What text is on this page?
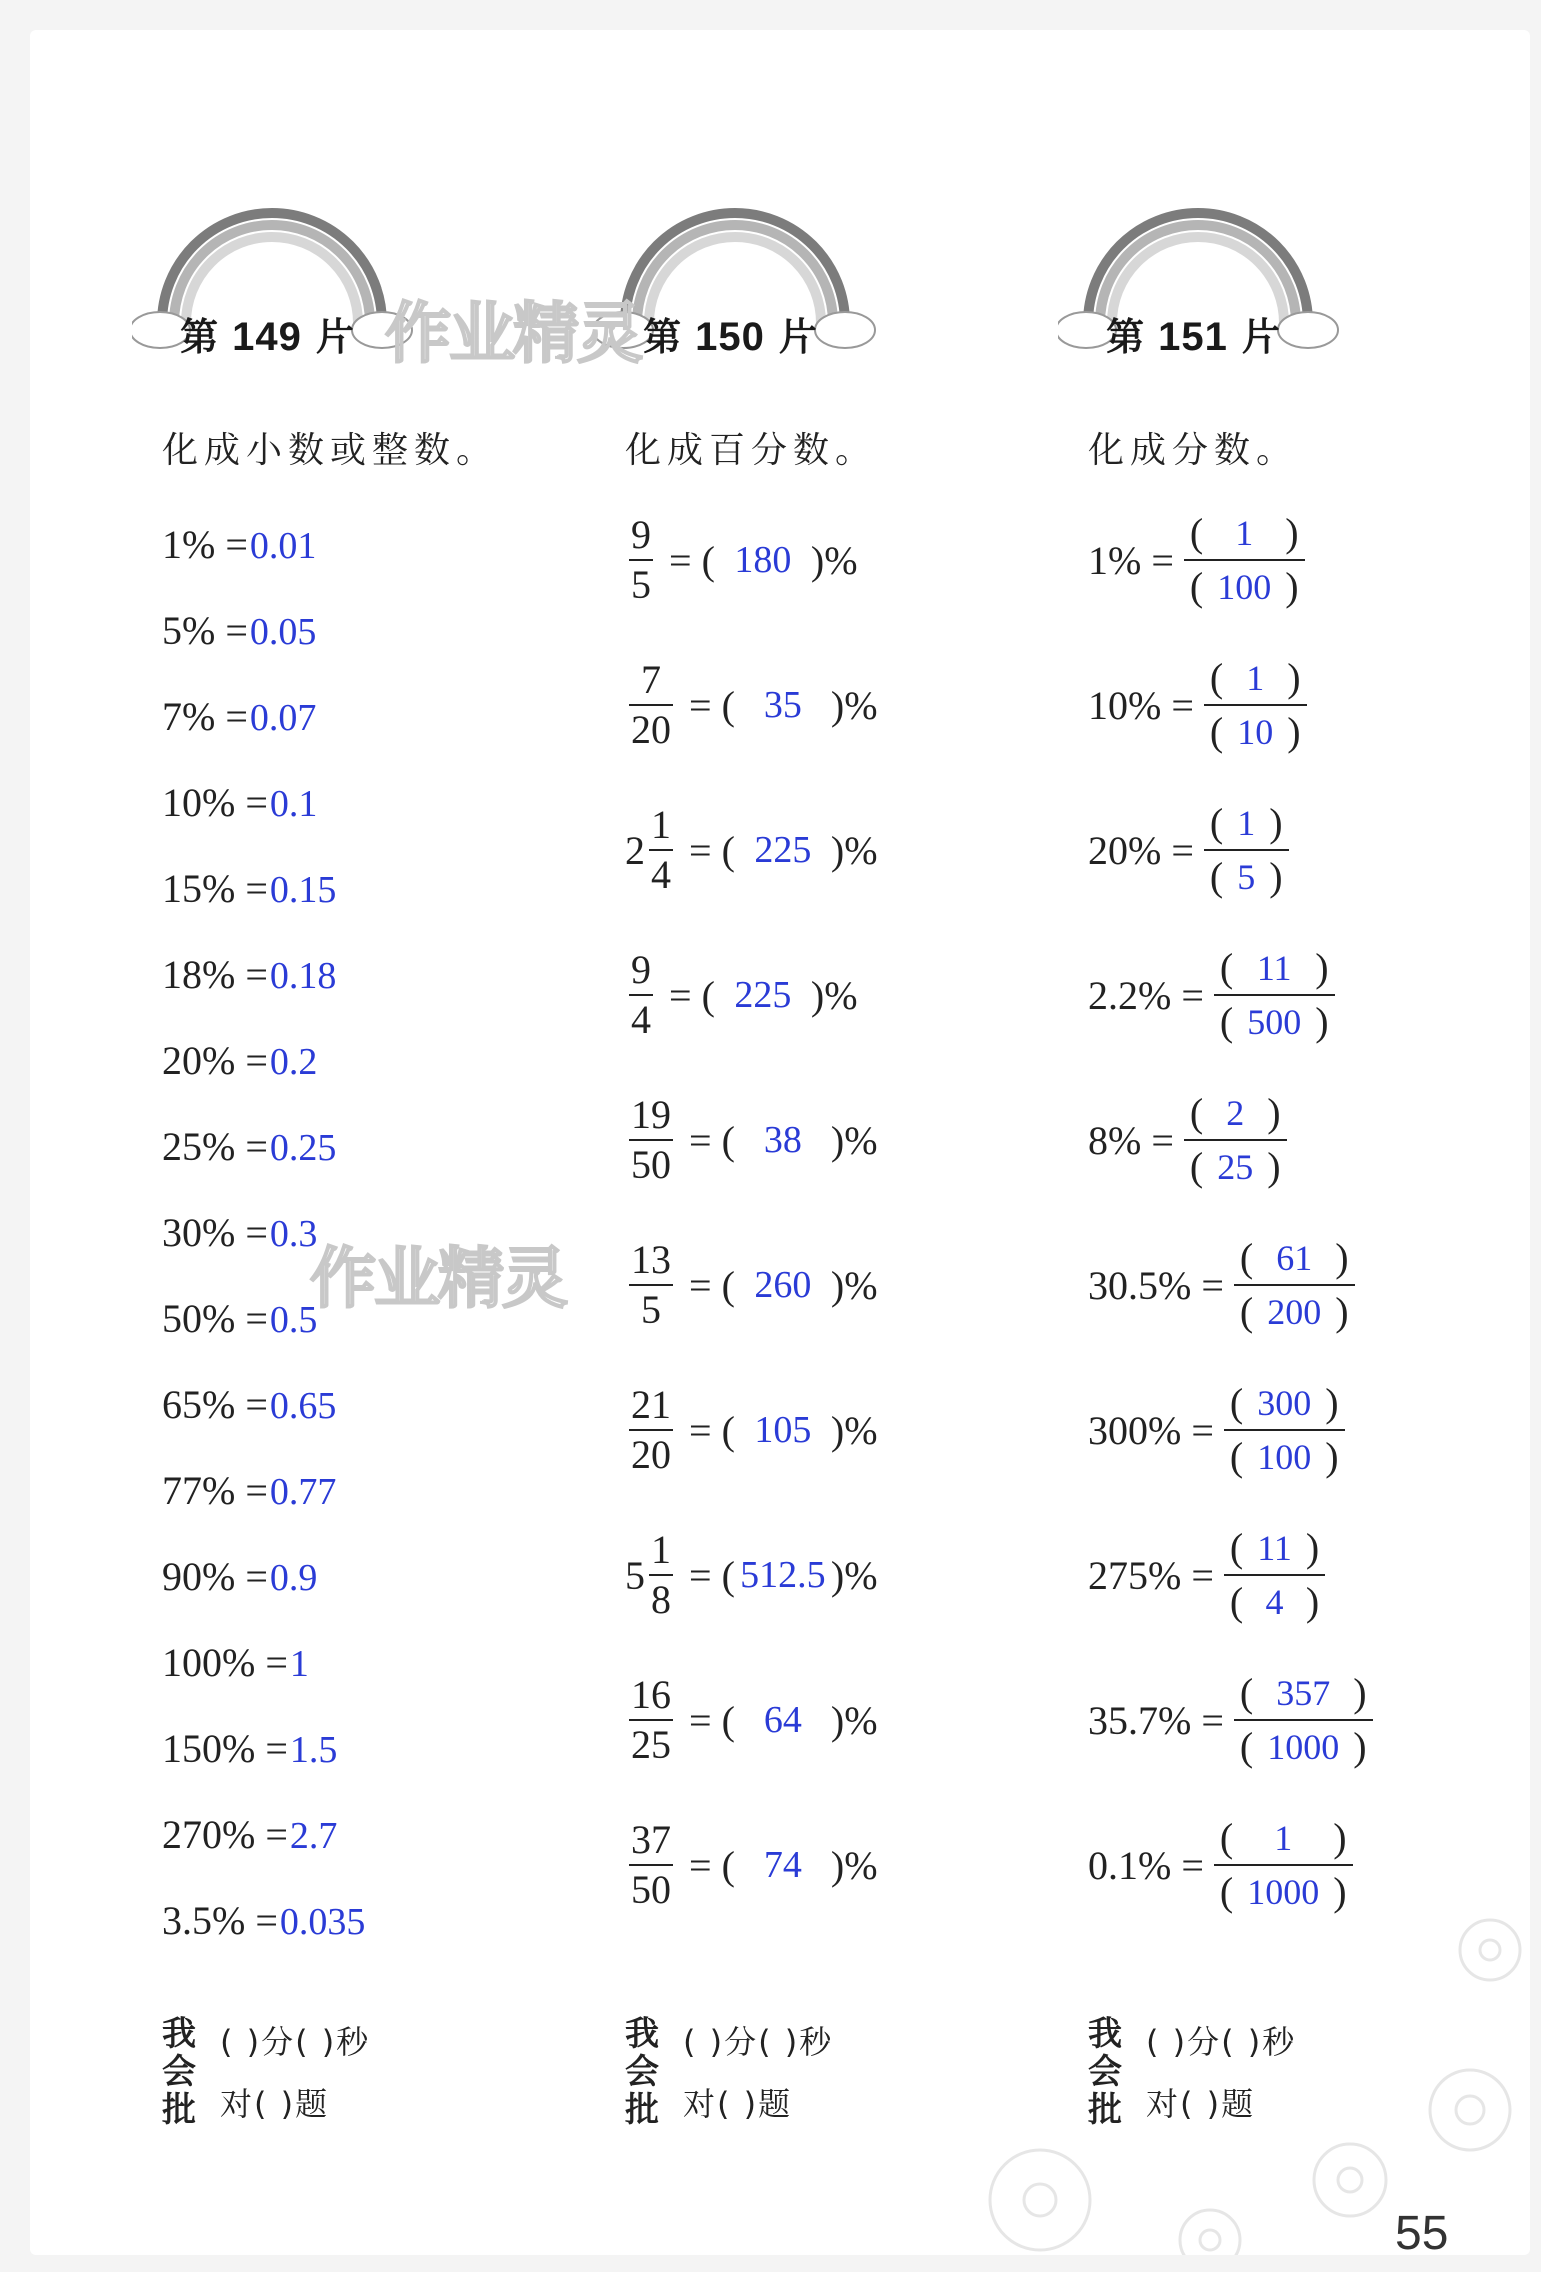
第 149 片
化成小数或整数。
1% =0.01
5% =0.05
7% =0.07
10% =0.1
15% =0.15
18% =0.18
20% =0.2
25% =0.25
30% =0.3
50% =0.5
65% =0.65
77% =0.77
90% =0.9
100% =1
150% =1.5
270% =2.7
3.5% =0.035
我会批
( )分( )秒
对( )题
第 150 片
化成百分数。
$\frac{9}{5}$ = ( 180 )%
$\frac{7}{20}$ = ( 35 )%
$2 \frac{1}{4}$ = ( 225 )%
$\frac{9}{4}$ = ( 225 )%
$\frac{19}{50}$ = ( 38 )%
$\frac{13}{5}$ = ( 260 )%
$\frac{21}{20}$ = ( 105 )%
$5 \frac{1}{8}$ = ( 512.5 )%
$\frac{16}{25}$ = ( 64 )%
$\frac{37}{50}$ = ( 74 )%
我会批
( )分( )秒
对( )题
第 151 片
化成分数。
1% =
( 1 )
( 100 )
10% =
( 1 )
( 10 )
20% =
( 1 )
( 5 )
2.2% =
( 11 )
( 500 )
8% =
( 2 )
( 25 )
30.5% =
( 61 )
( 200 )
300% =
( 300 )
( 100 )
275% =
( 11 )
( 4 )
35.7% =
( 357 )
( 1000 )
0.1% =
(	1	)
( 1000 )
我会批
( )分( )秒
对( )题
作业精灵
作业精灵
55
